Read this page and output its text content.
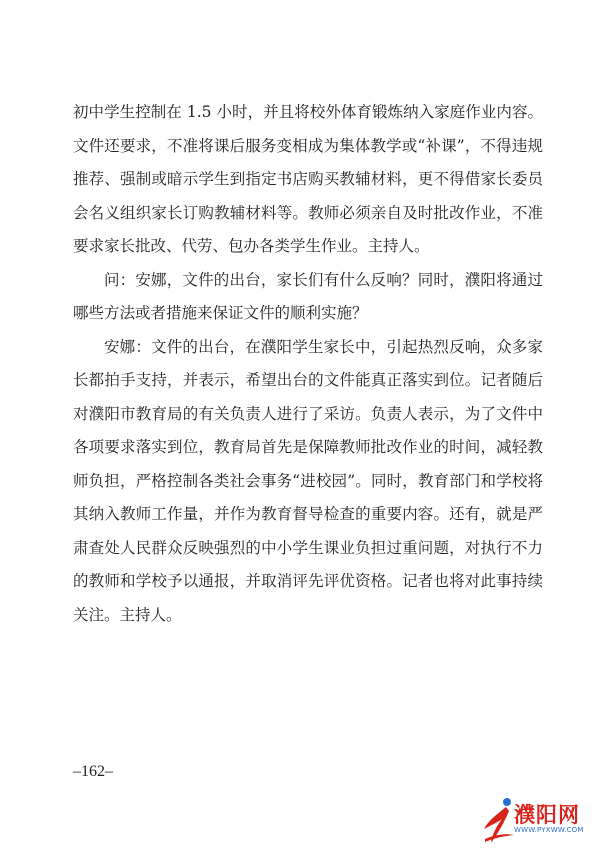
初中学生控制在 1.5 小时，并且将校外体育锻炼纳入家庭作业内容。文件还要求，不准将课后服务变相成为集体教学或“补课”，不得违规推荐、强制或暗示学生到指定书店购买教辅材料，更不得借家长委员会名义组织家长订购教辅材料等。教师必须亲自及时批改作业，不准要求家长批改、代劳、包办各类学生作业。主持人。

问：安娜，文件的出台，家长们有什么反响？同时，濮阳将通过哪些方法或者措施来保证文件的顺利实施？

安娜：文件的出台，在濮阳学生家长中，引起热烈反响，众多家长都拍手支持，并表示，希望出台的文件能真正落实到位。记者随后对濮阳市教育局的有关负责人进行了采访。负责人表示，为了文件中各项要求落实到位，教育局首先是保障教师批改作业的时间，减轻教师负担，严格控制各类社会事务“进校园”。同时，教育部门和学校将其纳入教师工作量，并作为教育督导检查的重要内容。还有，就是严肃查处人民群众反映强烈的中小学生课业负担过重问题，对执行不力的教师和学校予以通报，并取消评先评优资格。记者也将对此事持续关注。主持人。

–162–
濮阳网
WWW.PYXWW.COM
